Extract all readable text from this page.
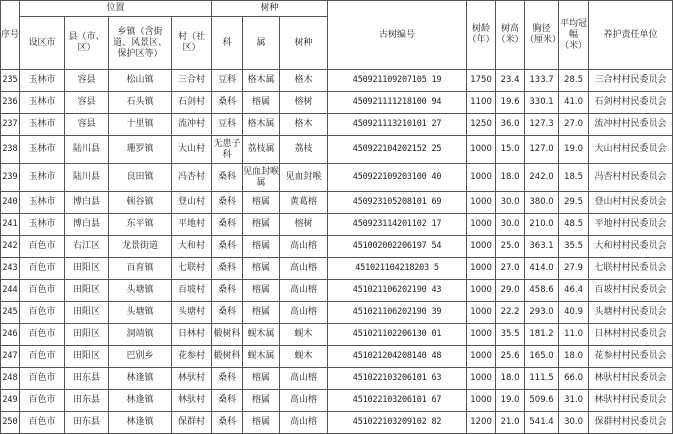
序号	位置				树种			古树编号	树龄（年）	树高（米）	胸径（厘米）	平均冠幅（米）	养护责任单位
	设区市	县（市、区）	乡镇（含街道、风景区、保护区等）	村（社区）	科	属	树种						
235	玉林市	容县	松山镇	三合村	豆科	格木属	格木	450921109207105 19	1750	23.4	133.7	28.5	三合村村民委员会
236	玉林市	容县	石头镇	石剑村	桑科	榕属	榕树	450921111218100 94	1100	19.6	330.1	41.0	石剑村村民委员会
237	玉林市	容县	十里镇	流冲村	豆科	格木属	格木	450921113210101 27	1250	36.0	127.3	27.0	流冲村村民委员会
238	玉林市	陆川县	珊罗镇	大山村	无患子科	荔枝属	荔枝	450922104202152 25	1000	15.0	127.0	19.0	大山村村民委员会
239	玉林市	陆川县	良田镇	冯杏村	桑科	见血封喉属	见血封喉	450922109203100 40	1000	18.0	242.0	18.5	冯杏村村民委员会
240	玉林市	博白县	顿谷镇	登山村	桑科	榕属	黄葛榕	450923105208101 69	1000	30.0	380.0	29.5	登山村村民委员会
241	玉林市	博白县	东平镇	平地村	桑科	榕属	榕树	450923114201102 17	1000	30.0	210.0	48.5	平地村村民委员会
242	百色市	右江区	龙景街道	大和村	桑科	榕属	高山榕	451002002206197 54	1000	25.0	363.1	35.5	大和村村民委员会
243	百色市	田阳区	百育镇	七联村	桑科	榕属	高山榕	451021104218203 5	1000	27.0	414.0	27.9	七联村村民委员会
244	百色市	田阳区	头塘镇	百坡村	桑科	榕属	高山榕	451021106202190 43	1000	29.0	458.6	46.4	百坡村村民委员会
245	百色市	田阳区	头塘镇	头塘村	桑科	榕属	高山榕	451021106202190 39	1000	22.2	293.0	40.9	头塘村村民委员会
246	百色市	田阳区	洞靖镇	日林村	椴树科	蚬木属	蚬木	451021102206130 01	1000	35.5	181.2	11.0	日林村村民委员会
247	百色市	田阳区	巴别乡	花参村	椴树科	蚬木属	蚬木	451021204208140 48	1000	25.6	165.0	18.0	花参村村民委员会
248	百色市	田东县	林逢镇	林驮村	桑科	榕属	高山榕	451022103206101 63	1000	18.0	111.5	66.0	林驮村村民委员会
249	百色市	田东县	林逢镇	林驮村	桑科	榕属	高山榕	451022103206101 67	1000	19.0	509.6	31.0	林驮村村民委员会
250	百色市	田东县	林逢镇	保群村	桑科	榕属	高山榕	451022103209102 82	1200	21.0	541.4	30.0	保群村村民委员会
